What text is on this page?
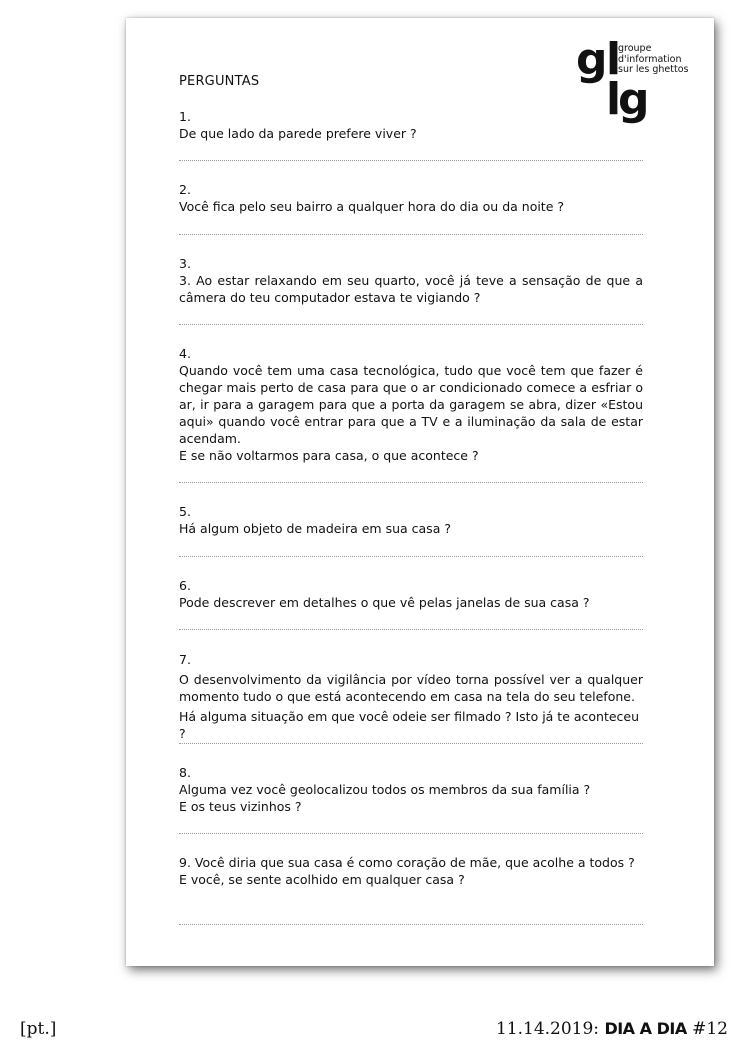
g
l
l
g
groupe
d'information
sur les ghettos
PERGUNTAS

1.

De que lado da parede prefere viver ?

2.

Você fica pelo seu bairro a qualquer hora do dia ou da noite ?

3.

3. Ao estar relaxando em seu quarto, você já teve a sensação de que a câmera do teu computador estava te vigiando ?

4.

Quando você tem uma casa tecnológica, tudo que você tem que fazer é chegar mais perto de casa para que o ar condicionado comece a esfriar o ar, ir para a garagem para que a porta da garagem se abra, dizer «Estou aqui» quando você entrar para que a TV e a iluminação da sala de estar acendam.

E se não voltarmos para casa, o que acontece ?

5.

Há algum objeto de madeira em sua casa ?

6.

Pode descrever em detalhes o que vê pelas janelas de sua casa ?

7.

O desenvolvimento da vigilância por vídeo torna possível ver a qualquer momento tudo o que está acontecendo em casa na tela do seu telefone.

Há alguma situação em que você odeie ser filmado ? Isto já te aconteceu ?

8.

Alguma vez você geolocalizou todos os membros da sua família ?

E os teus vizinhos ?

9. Você diria que sua casa é como coração de mãe, que acolhe a todos ?

E você, se sente acolhido em qualquer casa ?

[pt.]	11.14.2019: DIA A DIA #12
